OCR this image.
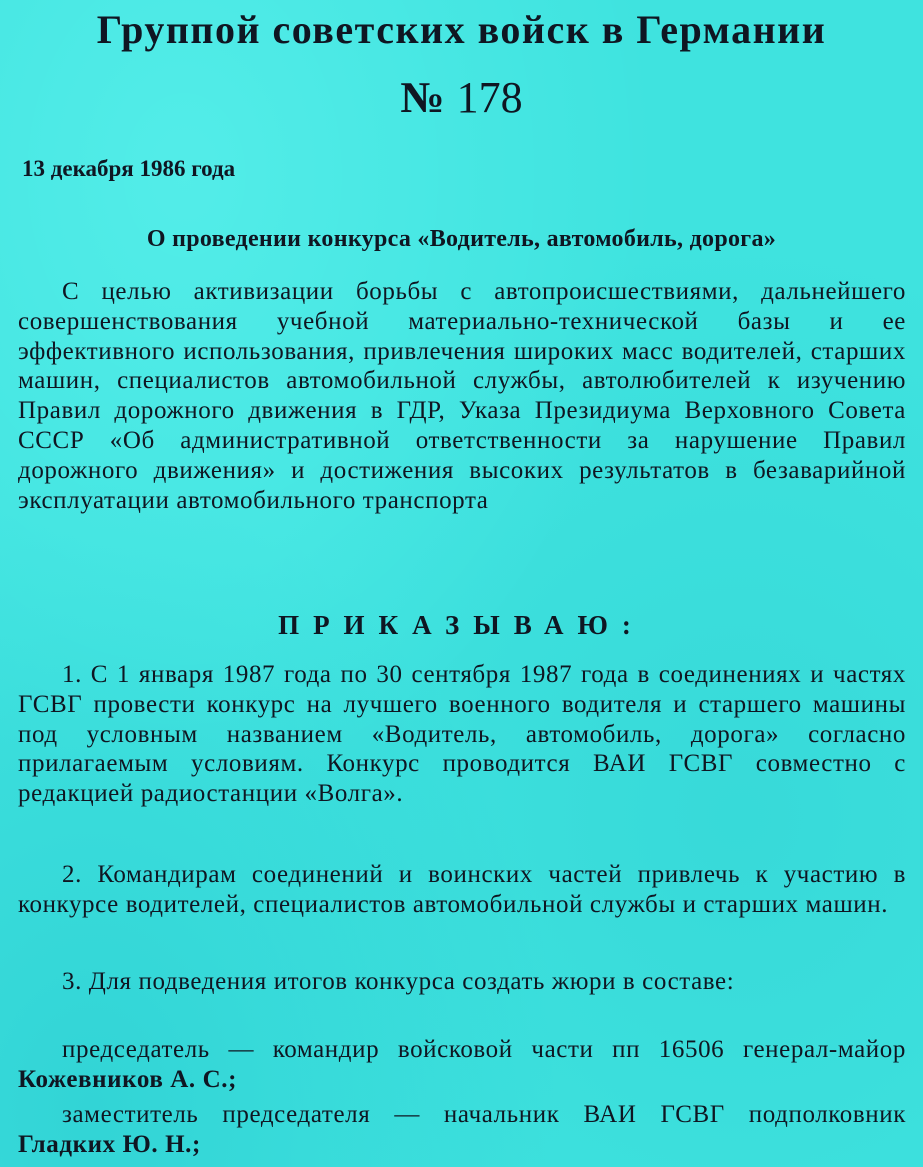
Группой советских войск в Германии
№ 178
13 декабря 1986 года
О проведении конкурса «Водитель, автомобиль, дорога»
С целью активизации борьбы с автопроисшествиями, дальнейшего совершенствования учебной материально-технической базы и ее эффективного использования, привлечения широких масс водителей, старших машин, специалистов автомобильной службы, автолюбителей к изучению Правил дорожного движения в ГДР, Указа Президиума Верховного Совета СССР «Об административной ответственности за нарушение Правил дорожного движения» и достижения высоких результатов в безаварийной эксплуатации автомобильного транспорта
ПРИКАЗЫВАЮ:
1. С 1 января 1987 года по 30 сентября 1987 года в соединениях и частях ГСВГ провести конкурс на лучшего военного водителя и старшего машины под условным названием «Водитель, автомобиль, дорога» согласно прилагаемым условиям. Конкурс проводится ВАИ ГСВГ совместно с редакцией радиостанции «Волга».
2. Командирам соединений и воинских частей привлечь к участию в конкурсе водителей, специалистов автомобильной службы и старших машин.
3. Для подведения итогов конкурса создать жюри в составе:
председатель — командир войсковой части пп 16506 генерал-майор Кожевников А. С.;
заместитель председателя — начальник ВАИ ГСВГ подполковник Гладких Ю. Н.;
